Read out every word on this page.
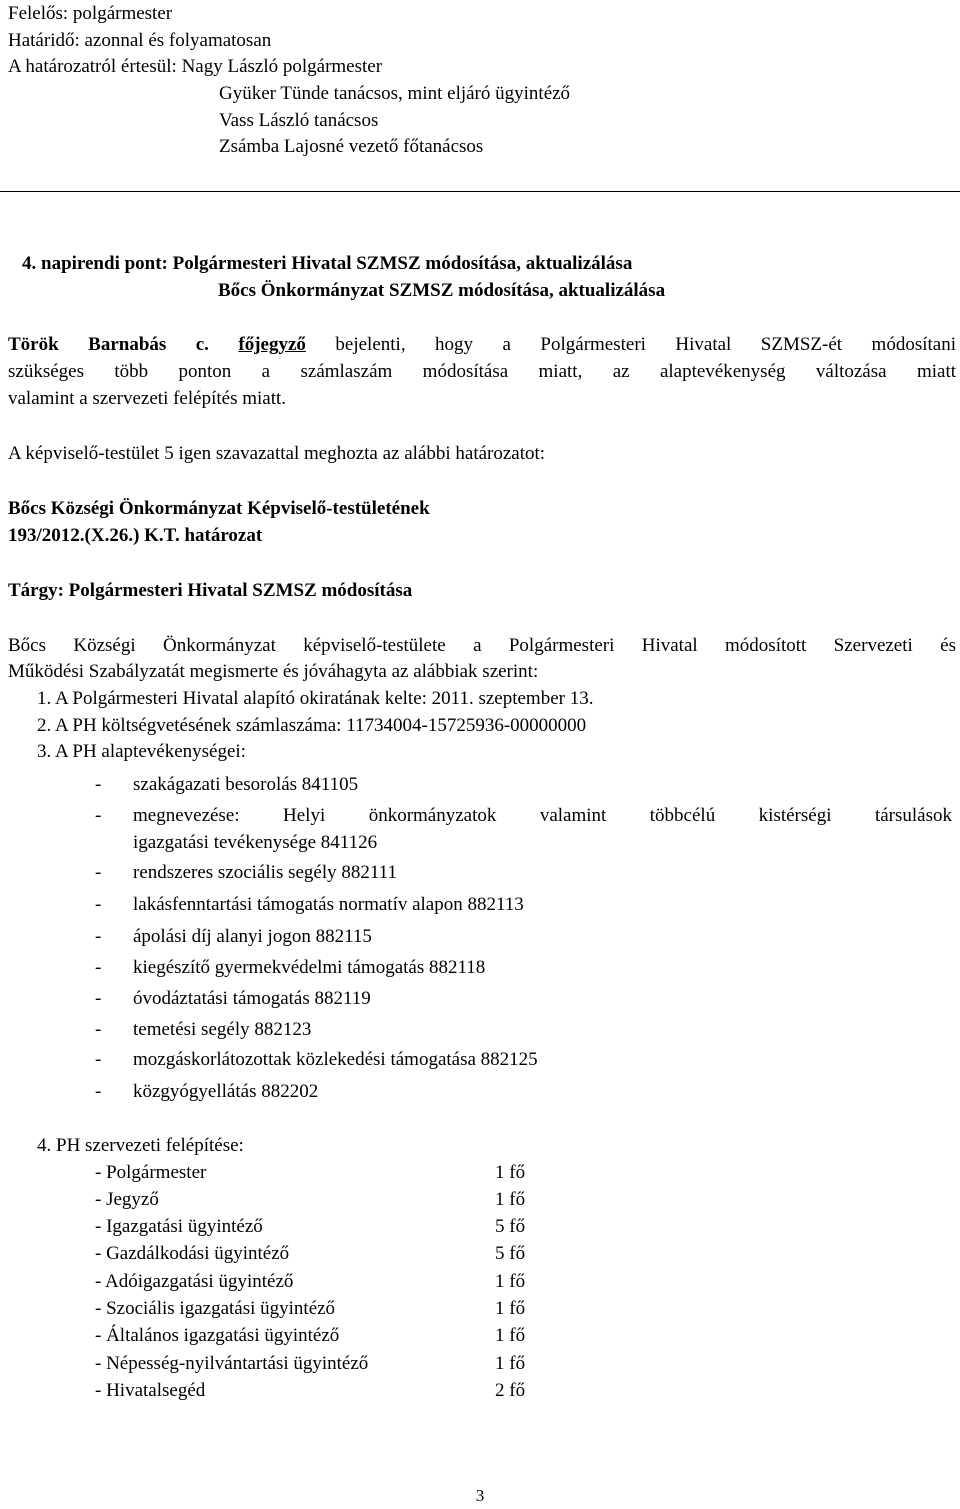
Felelős: polgármester
Határidő: azonnal és folyamatosan
A határozatról értesül: Nagy László polgármester
Gyüker Tünde tanácsos, mint eljáró ügyintéző
Vass László tanácsos
Zsámba Lajosné vezető főtanácsos
4. napirendi pont: Polgármesteri Hivatal SZMSZ módosítása, aktualizálása
Bőcs Önkormányzat SZMSZ módosítása, aktualizálása
Török Barnabás c. főjegyző bejelenti, hogy a Polgármesteri Hivatal SZMSZ-ét módosítani
szükséges több ponton a számlaszám módosítása miatt, az alaptevékenység változása miatt
valamint a szervezeti felépítés miatt.
A képviselő-testület 5 igen szavazattal meghozta az alábbi határozatot:
Bőcs Községi Önkormányzat Képviselő-testületének
193/2012.(X.26.) K.T. határozat
Tárgy: Polgármesteri Hivatal SZMSZ módosítása
Bőcs Községi Önkormányzat képviselő-testülete a Polgármesteri Hivatal módosított Szervezeti és
Működési Szabályzatát megismerte és jóváhagyta az alábbiak szerint:
1. A Polgármesteri Hivatal alapító okiratának kelte: 2011. szeptember 13.
2. A PH költségvetésének számlaszáma: 11734004-15725936-00000000
3. A PH alaptevékenységei:
- szakágazati besorolás 841105
- megnevezése: Helyi önkormányzatok valamint többcélú kistérségi társulások
igazgatási tevékenysége 841126
- rendszeres szociális segély 882111
- lakásfenntartási támogatás normatív alapon 882113
- ápolási díj alanyi jogon 882115
- kiegészítő gyermekvédelmi támogatás 882118
- óvodáztatási támogatás 882119
- temetési segély 882123
- mozgáskorlátozottak közlekedési támogatása 882125
- közgyógyellátás 882202
4. PH szervezeti felépítése:
- Polgármester	1 fő
- Jegyző	1 fő
- Igazgatási ügyintéző	5 fő
- Gazdálkodási ügyintéző	5 fő
- Adóigazgatási ügyintéző	1 fő
- Szociális igazgatási ügyintéző	1 fő
- Általános igazgatási ügyintéző	1 fő
- Népesség-nyilvántartási ügyintéző	1 fő
- Hivatalsegéd	2 fő
3
